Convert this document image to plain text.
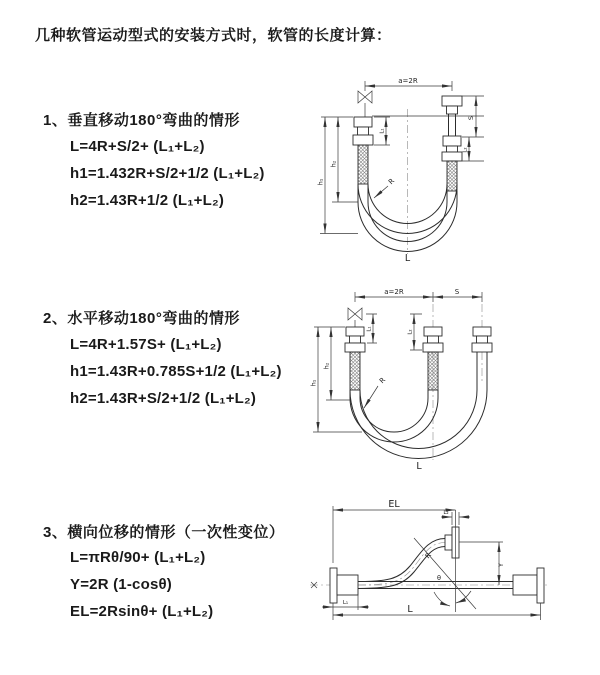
几种软管运动型式的安装方式时，软管的长度计算：
1、垂直移动180°弯曲的情形
L=4R+S/2+ (L₁+L₂)
h1=1.432R+S/2+1/2 (L₁+L₂)
h2=1.43R+1/2 (L₁+L₂)
2、水平移动180°弯曲的情形
L=4R+1.57S+ (L₁+L₂)
h1=1.43R+0.785S+1/2 (L₁+L₂)
h2=1.43R+S/2+1/2 (L₁+L₂)
3、横向位移的情形（一次性变位）
L=πRθ/90+ (L₁+L₂)
Y=2R (1-cosθ)
EL=2Rsinθ+ (L₁+L₂)
a=2R
L₁
S
L₂
h₂
h₁	R
L
a=2R	S
L₁
L₂
h₂
h₁	R
L
EL
L₂
Y
R
θ
L₁
L
